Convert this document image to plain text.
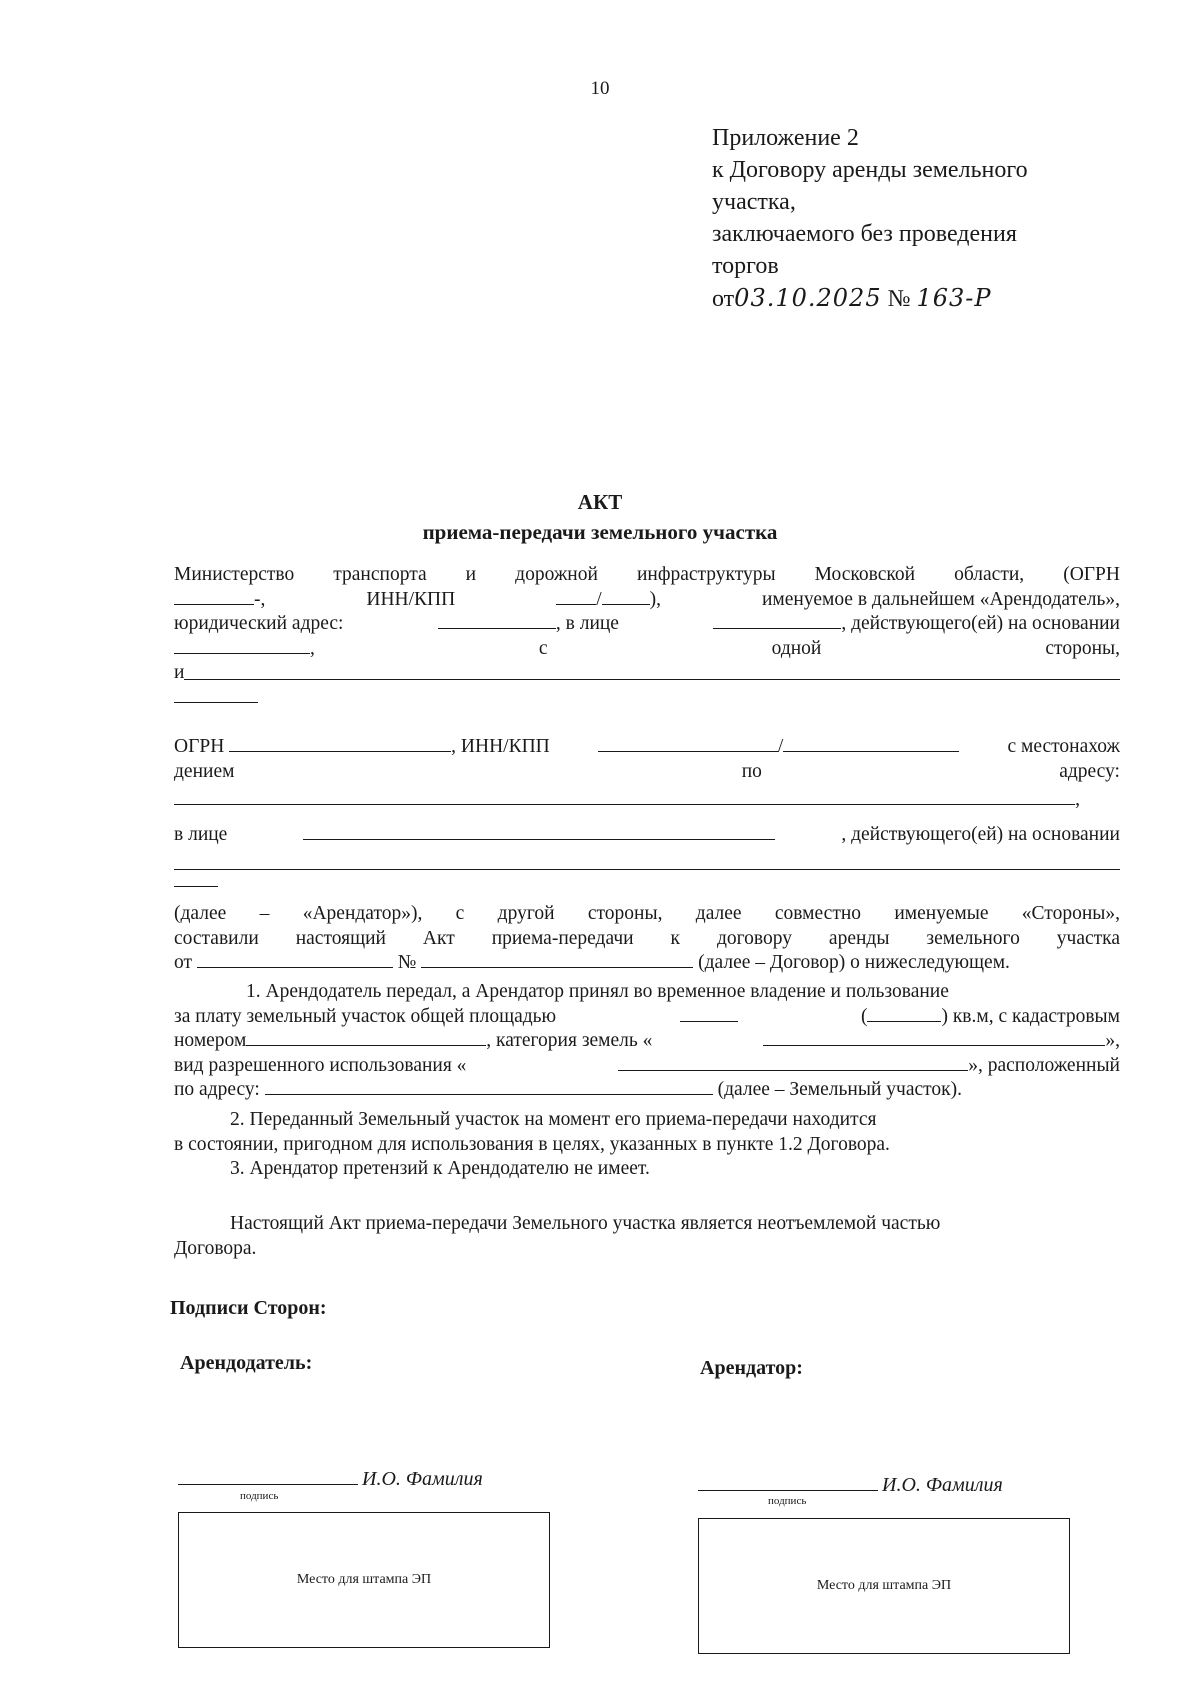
10
Приложение 2
к Договору аренды земельного
участка,
заключаемого без проведения
торгов
от03.10.2025 № 163-Р
АКТ
приема-передачи земельного участка
Министерство транспорта и дорожной инфраструктуры Московской области, (ОГРН
-,	ИНН/КПП	/ ),	именуемое в дальнейшем «Арендодатель»,
юридический адрес:	, в лице	, действующего(ей) на основании
,	с	одной	стороны,
и
ОГРН	, ИНН/КПП	/	с местонахож
дением	по	адресу:
,
в лице	, действующего(ей) на основании
(далее – «Арендатор»), с другой стороны, далее совместно именуемые «Стороны»,
составили настоящий Акт приема-передачи к договору аренды земельного участка
от	№	(далее – Договор) о нижеследующем.
1. Арендодатель передал, а Арендатор принял во временное владение и пользование
за плату земельный участок общей площадью	(	) кв.м, с кадастровым
номером	, категория земель «	»,
вид разрешенного использования «	», расположенный
по адресу:	(далее – Земельный участок).
2. Переданный Земельный участок на момент его приема-передачи находится
в состоянии, пригодном для использования в целях, указанных в пункте 1.2 Договора.
3. Арендатор претензий к Арендодателю не имеет.
Настоящий Акт приема-передачи Земельного участка является неотъемлемой частью
Договора.
Подписи Сторон:
Арендодатель:	Арендатор:
И.О. Фамилия
подпись	И.О. Фамилия
подпись
Место для штампа ЭП	Место для штампа ЭП
